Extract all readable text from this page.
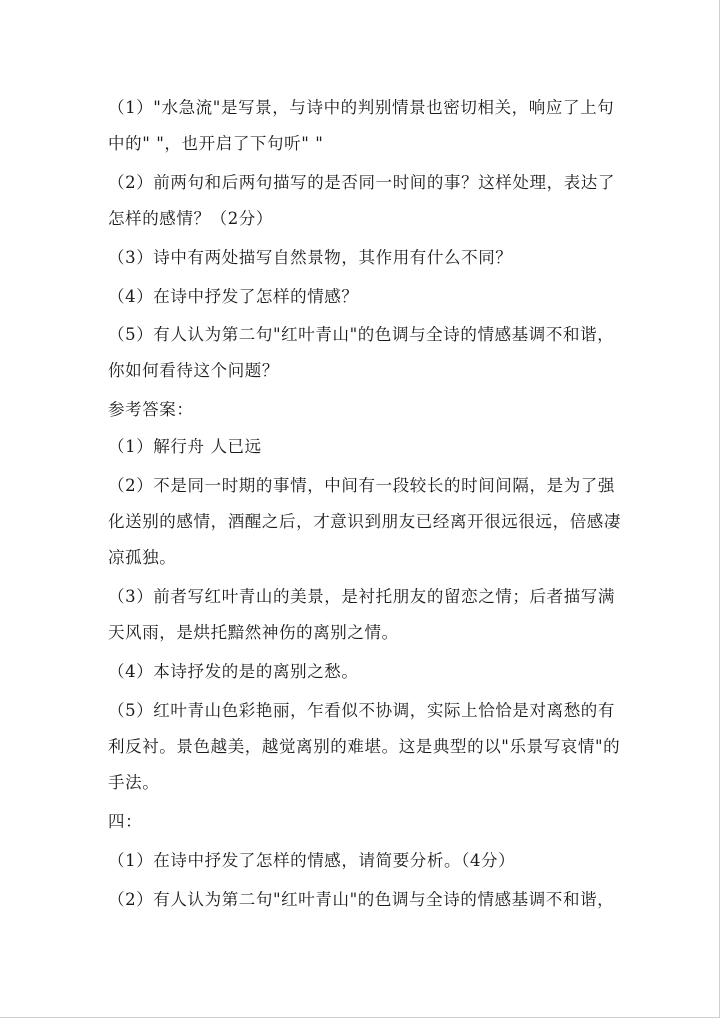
（1）"水急流"是写景，与诗中的判别情景也密切相关，响应了上句
中的" "，也开启了下句听" "
（2）前两句和后两句描写的是否同一时间的事？这样处理，表达了
怎样的感情？（2分）
（3）诗中有两处描写自然景物，其作用有什么不同？
（4）在诗中抒发了怎样的情感？
（5）有人认为第二句"红叶青山"的色调与全诗的情感基调不和谐，
你如何看待这个问题？
参考答案：
（1）解行舟 人已远
（2）不是同一时期的事情，中间有一段较长的时间间隔，是为了强
化送别的感情，酒醒之后，才意识到朋友已经离开很远很远，倍感凄
凉孤独。
（3）前者写红叶青山的美景，是衬托朋友的留恋之情；后者描写满
天风雨，是烘托黯然神伤的离别之情。
（4）本诗抒发的是的离别之愁。
（5）红叶青山色彩艳丽，乍看似不协调，实际上恰恰是对离愁的有
利反衬。景色越美，越觉离别的难堪。这是典型的以"乐景写哀情"的
手法。
四：
（1）在诗中抒发了怎样的情感，请简要分析。（4分）
（2）有人认为第二句"红叶青山"的色调与全诗的情感基调不和谐，
